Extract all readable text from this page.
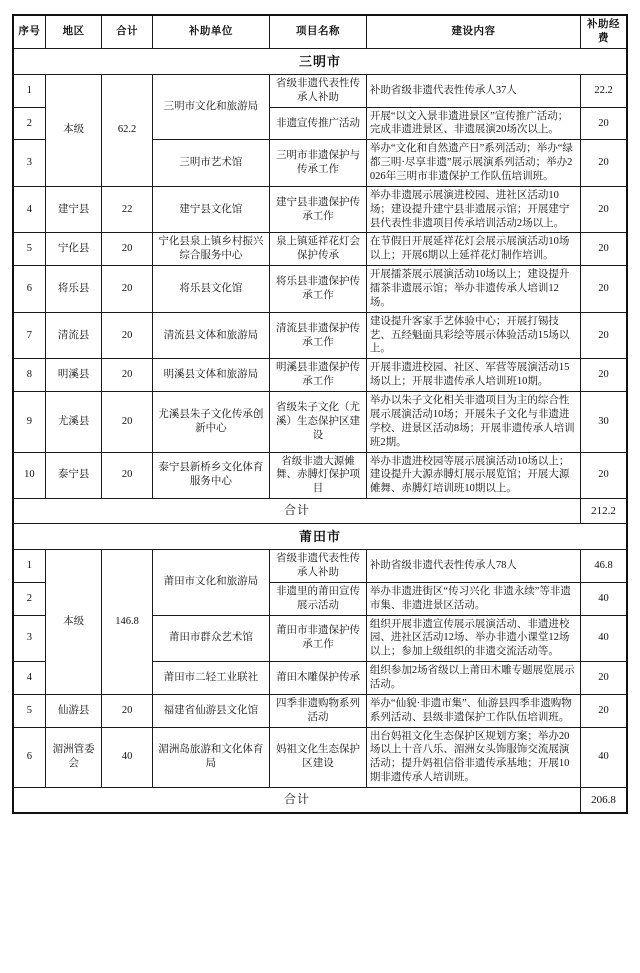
序号	地区	合计	补助单位	项目名称	建设内容	补助经费
三明市						
1	本级	62.2	三明市文化和旅游局	省级非遗代表性传承人补助	补助省级非遗代表性传承人37人	22.2
2				非遗宣传推广活动	开展“以文入景非遗进景区”宣传推广活动；完成非遗进景区、非遗展演20场次以上。	20
3			三明市艺术馆	三明市非遗保护与传承工作	举办“文化和自然遗产日”系列活动；举办“绿都三明·尽享非遗”展示展演系列活动；举办2026年三明市非遗保护工作队伍培训班。	20
4	建宁县	22	建宁县文化馆	建宁县非遗保护传承工作	举办非遗展示展演进校园、进社区活动10场；建设提升建宁县非遗展示馆；开展建宁县代表性非遗项目传承培训活动2场以上。	20
5	宁化县	20	宁化县泉上镇乡村振兴综合服务中心	泉上镇延祥花灯会保护传承	在节假日开展延祥花灯会展示展演活动10场以上；开展6期以上延祥花灯制作培训。	20
6	将乐县	20	将乐县文化馆	将乐县非遗保护传承工作	开展擂茶展示展演活动10场以上；建设提升擂茶非遗展示馆；举办非遗传承人培训12场。	20
7	清流县	20	清流县文体和旅游局	清流县非遗保护传承工作	建设提升客家手艺体验中心；开展打锡技艺、五经魁面具彩绘等展示体验活动15场以上。	20
8	明溪县	20	明溪县文体和旅游局	明溪县非遗保护传承工作	开展非遗进校园、社区、军营等展演活动15场以上；开展非遗传承人培训班10期。	20
9	尤溪县	20	尤溪县朱子文化传承创新中心	省级朱子文化（尤溪）生态保护区建设	举办以朱子文化相关非遗项目为主的综合性展示展演活动10场；开展朱子文化与非遗进学校、进景区活动8场；开展非遗传承人培训班2期。	30
10	泰宁县	20	泰宁县新桥乡文化体育服务中心	省级非遗大源傩舞、赤膊灯保护项目	举办非遗进校园等展示展演活动10场以上；建设提升大源赤膊灯展示展览馆；开展大源傩舞、赤膊灯培训班10期以上。	20
合计						212.2
莆田市						
1	本级	146.8	莆田市文化和旅游局	省级非遗代表性传承人补助	补助省级非遗代表性传承人78人	46.8
2				非遗里的莆田宣传展示活动	举办非遗进街区“传习兴化 非遗永续”等非遗市集、非遗进景区活动。	40
3			莆田市群众艺术馆	莆田市非遗保护传承工作	组织开展非遗宣传展示展演活动、非遗进校园、进社区活动12场、举办非遗小课堂12场以上；参加上级组织的非遗交流活动等。	40
4			莆田市二轻工业联社	莆田木雕保护传承	组织参加2场省级以上莆田木雕专题展览展示活动。	20
5	仙游县	20	福建省仙游县文化馆	四季非遗购物系列活动	举办“仙貌·非遗市集”、仙游县四季非遗购物系列活动、县级非遗保护工作队伍培训班。	20
6	湄洲管委会	40	湄洲岛旅游和文化体育局	妈祖文化生态保护区建设	出台妈祖文化生态保护区规划方案；举办20场以上十音八乐、湄洲女头饰服饰交流展演活动；提升妈祖信俗非遗传承基地；开展10期非遗传承人培训班。	40
合计						206.8
